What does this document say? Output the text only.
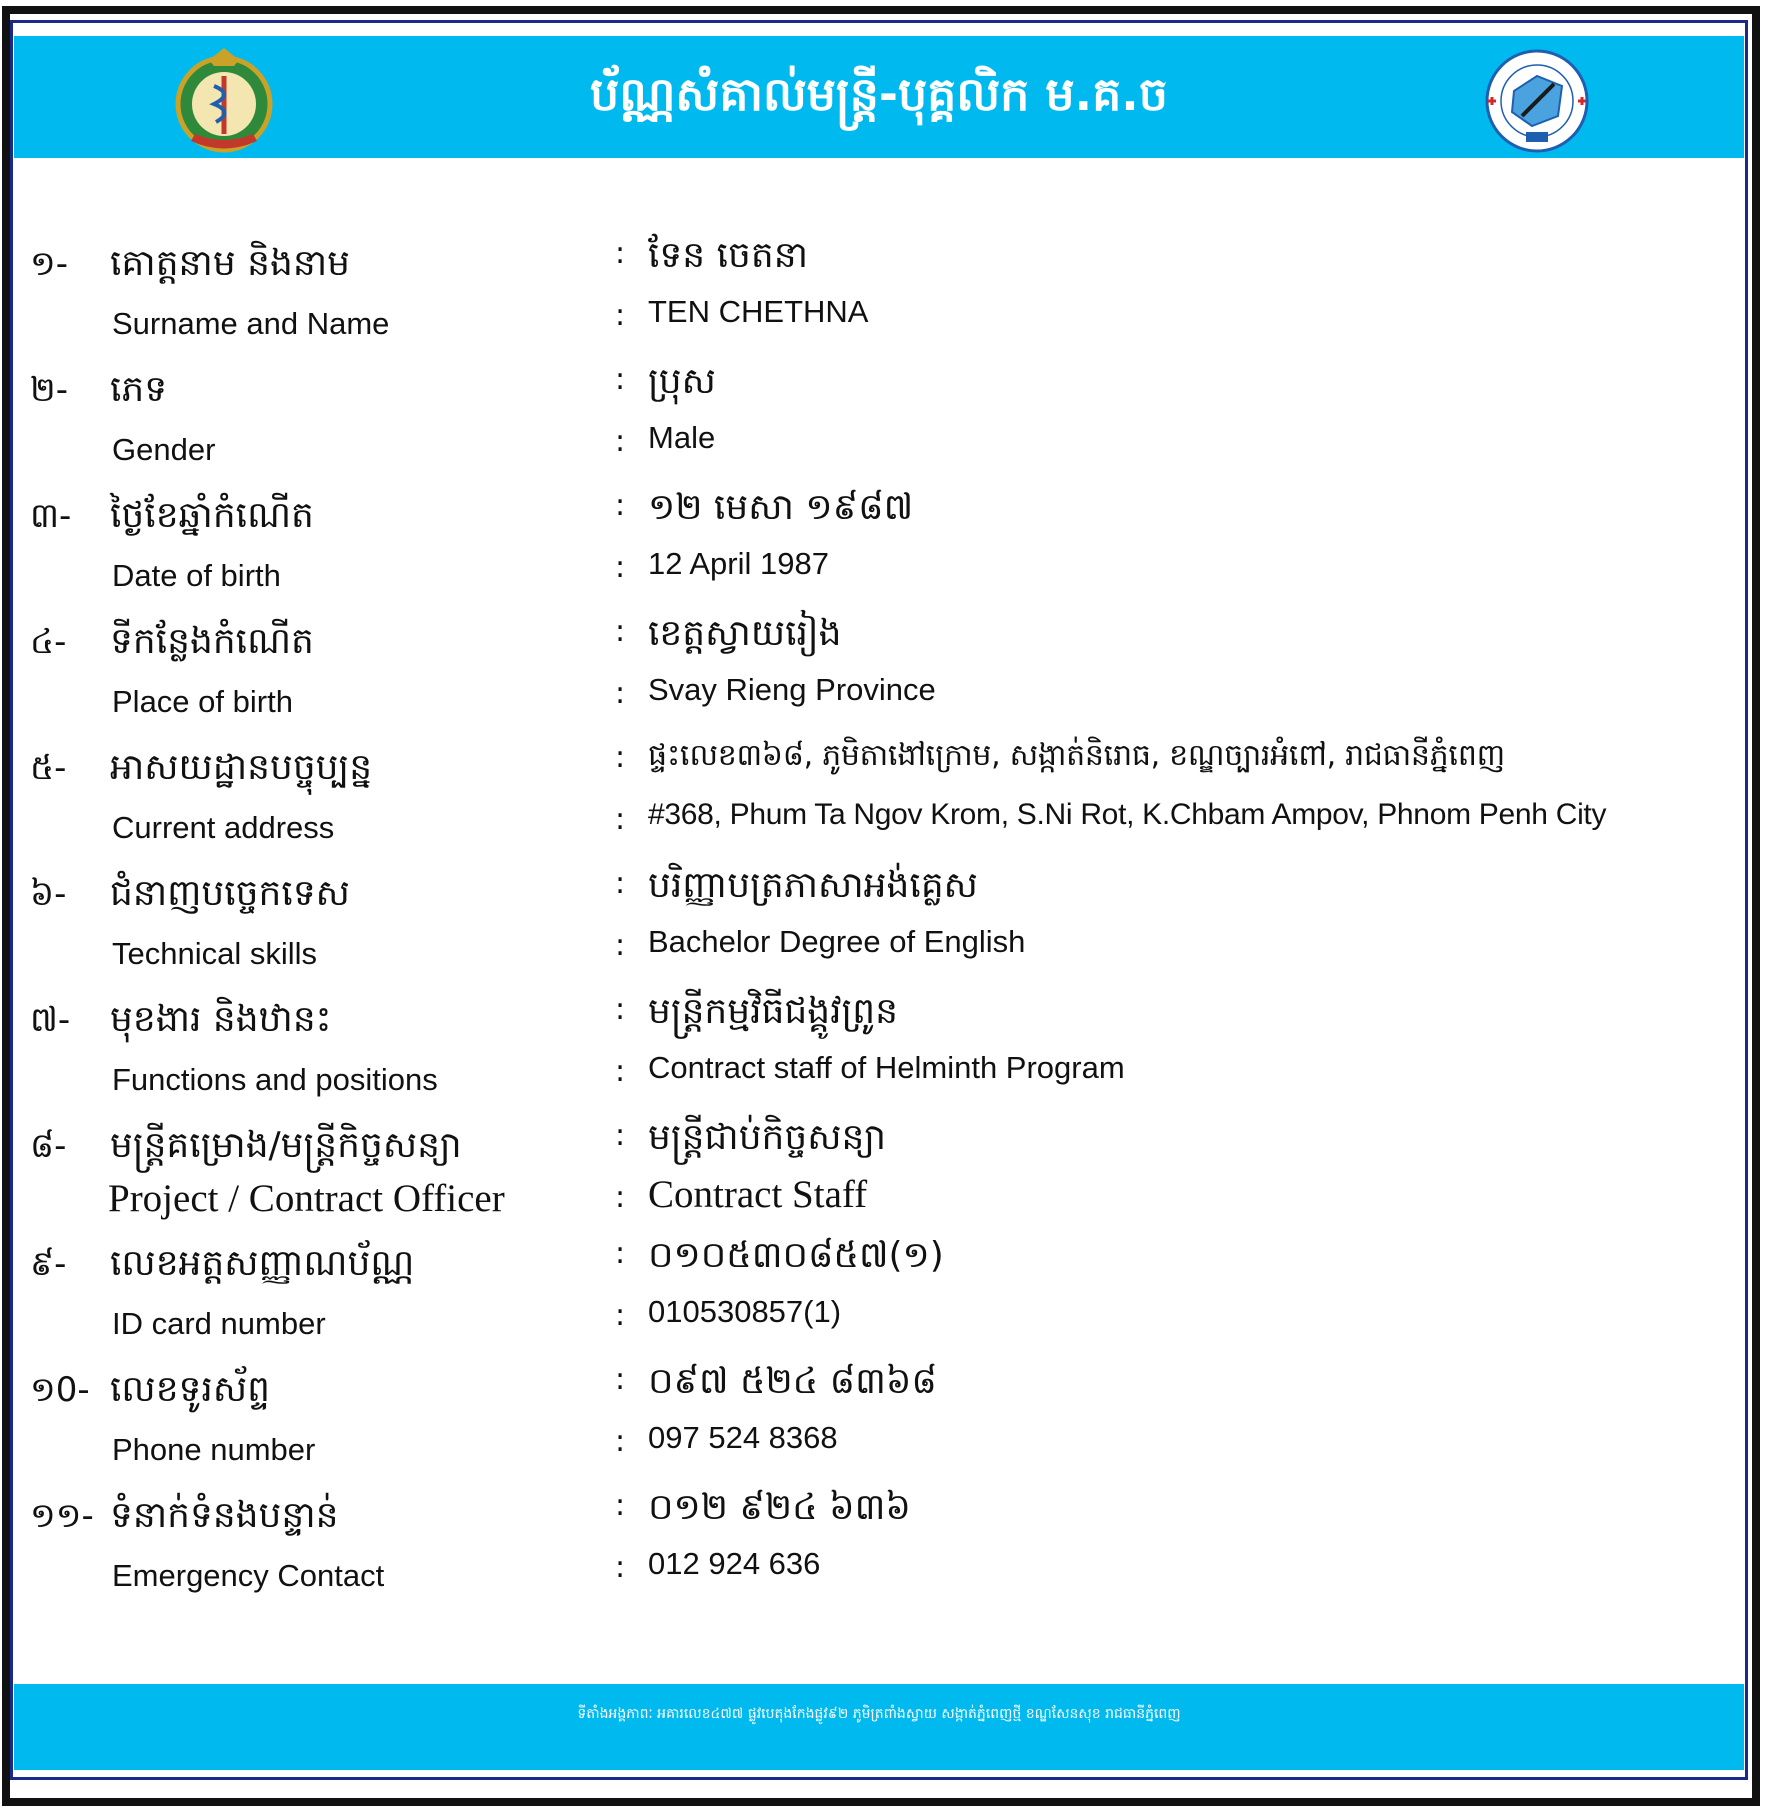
ប័ណ្ណសំគាល់មន្ត្រី-បុគ្គលិក ម.គ.ច
១- គោត្តនាម និងនាម
Surname and Name
:
:
ទែន ចេតនា
TEN CHETHNA
២- ភេទ
Gender
:
:
ប្រុស
Male
៣- ថ្ងៃខែឆ្នាំកំណើត
Date of birth
:
:
១២ មេសា ១៩៨៧
12 April 1987
៤- ទីកន្លែងកំណើត
Place of birth
:
:
ខេត្តស្វាយរៀង
Svay Rieng Province
៥- អាសយដ្ឋានបច្ចុប្បន្ន
Current address
:
:
ផ្ទះលេខ៣៦៨, ភូមិតាងៅក្រោម, សង្កាត់និរោធ, ខណ្ឌច្បារអំពៅ, រាជធានីភ្នំពេញ
#368, Phum Ta Ngov Krom, S.Ni Rot, K.Chbam Ampov, Phnom Penh City
៦- ជំនាញបច្ចេកទេស
Technical skills
:
:
បរិញ្ញាបត្រភាសាអង់គ្លេស
Bachelor Degree of English
៧- មុខងារ និងឋានះ
Functions and positions
:
:
មន្ត្រីកម្មវិធីជង្គូវព្រូន
Contract staff of Helminth Program
៨- មន្ត្រីគម្រោង/មន្ត្រីកិច្ចសន្យា
Project / Contract Officer
:
:
មន្ត្រីជាប់កិច្ចសន្យា
Contract Staff
៩- លេខអត្តសញ្ញាណប័ណ្ណ
ID card number
:
:
០១០៥៣០៨៥៧(១)
010530857(1)
១0- លេខទូរស័ព្ទ
Phone number
:
:
០៩៧ ៥២៤ ៨៣៦៨
097 524 8368
១១- ទំនាក់ទំនងបន្ទាន់
Emergency Contact
:
:
០១២ ៩២៤ ៦៣៦
012 924 636
ទីតាំងអង្គភាពៈ អគារលេខ៤៧៧ ផ្លូវបេតុងកែងផ្លូវ៩២ ភូមិត្រពាំងស្វាយ សង្កាត់ភ្នំពេញថ្មី ខណ្ឌសែនសុខ រាជធានីភ្នំពេញ
